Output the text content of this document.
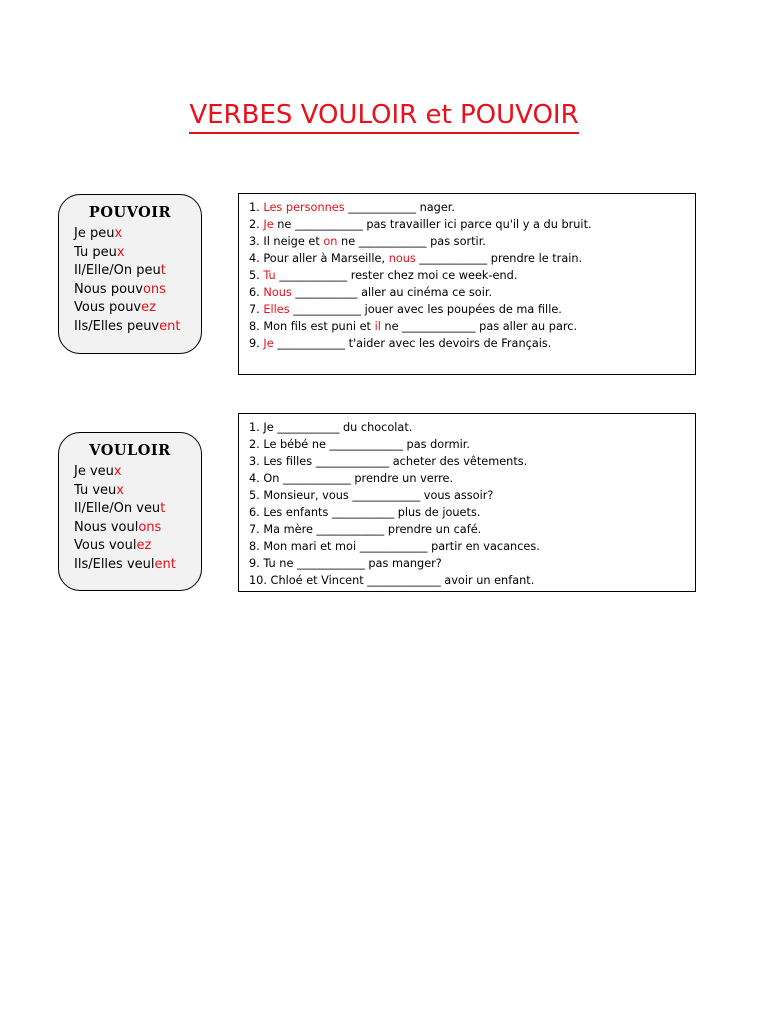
VERBES VOULOIR et POUVOIR
POUVOIR
Je peux
Tu peux
Il/Elle/On peut
Nous pouvons
Vous pouvez
Ils/Elles peuvent
1. Les personnes ____________ nager.
2. Je ne ____________ pas travailler ici parce qu'il y a du bruit.
3. Il neige et on ne ____________ pas sortir.
4. Pour aller à Marseille, nous ____________ prendre le train.
5. Tu ____________ rester chez moi ce week-end.
6. Nous ___________ aller au cinéma ce soir.
7. Elles ____________ jouer avec les poupées de ma fille.
8. Mon fils est puni et il ne _____________ pas aller au parc.
9. Je ____________ t'aider avec les devoirs de Français.
VOULOIR
Je veux
Tu veux
Il/Elle/On veut
Nous voulons
Vous voulez
Ils/Elles veulent
1. Je ___________ du chocolat.
2. Le bébé ne _____________ pas dormir.
3. Les filles _____________ acheter des vêtements.
4. On ____________ prendre un verre.
5. Monsieur, vous ____________ vous assoir?
6. Les enfants ___________ plus de jouets.
7. Ma mère ____________ prendre un café.
8. Mon mari et moi ____________ partir en vacances.
9. Tu ne ____________ pas manger?
10. Chloé et Vincent _____________ avoir un enfant.
